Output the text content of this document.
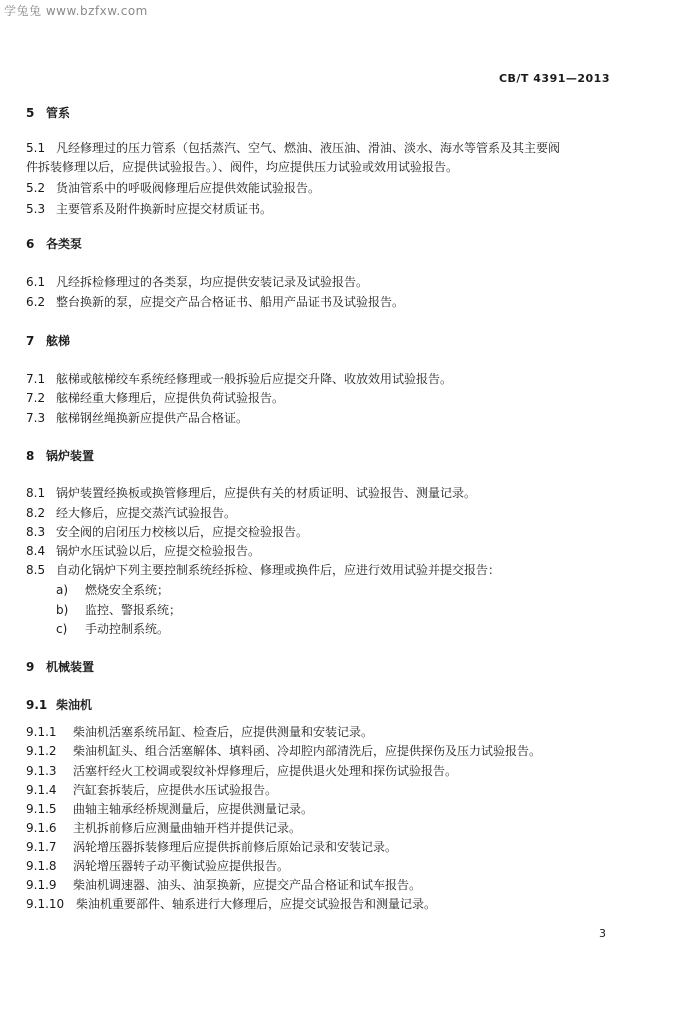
学兔兔 www.bzfxw.com
CB/T 4391—2013
5 管系
5.1 凡经修理过的压力管系（包括蒸汽、空气、燃油、液压油、滑油、淡水、海水等管系及其主要阀
件拆装修理以后，应提供试验报告。）、阀件，均应提供压力试验或效用试验报告。
5.2 货油管系中的呼吸阀修理后应提供效能试验报告。
5.3 主要管系及附件换新时应提交材质证书。
6 各类泵
6.1 凡经拆检修理过的各类泵，均应提供安装记录及试验报告。
6.2 整台换新的泵，应提交产品合格证书、船用产品证书及试验报告。
7 舷梯
7.1 舷梯或舷梯绞车系统经修理或一般拆验后应提交升降、收放效用试验报告。
7.2 舷梯经重大修理后，应提供负荷试验报告。
7.3 舷梯钢丝绳换新应提供产品合格证。
8 锅炉装置
8.1 锅炉装置经换板或换管修理后，应提供有关的材质证明、试验报告、测量记录。
8.2 经大修后，应提交蒸汽试验报告。
8.3 安全阀的启闭压力校核以后，应提交检验报告。
8.4 锅炉水压试验以后，应提交检验报告。
8.5 自动化锅炉下列主要控制系统经拆检、修理或换件后，应进行效用试验并提交报告：
a) 燃烧安全系统；
b) 监控、警报系统；
c) 手动控制系统。
9 机械装置
9.1 柴油机
9.1.1 柴油机活塞系统吊缸、检查后，应提供测量和安装记录。
9.1.2 柴油机缸头、组合活塞解体、填料函、冷却腔内部清洗后，应提供探伤及压力试验报告。
9.1.3 活塞杆经火工校调或裂纹补焊修理后，应提供退火处理和探伤试验报告。
9.1.4 汽缸套拆装后，应提供水压试验报告。
9.1.5 曲轴主轴承经桥规测量后，应提供测量记录。
9.1.6 主机拆前修后应测量曲轴开档并提供记录。
9.1.7 涡轮增压器拆装修理后应提供拆前修后原始记录和安装记录。
9.1.8 涡轮增压器转子动平衡试验应提供报告。
9.1.9 柴油机调速器、油头、油泵换新，应提交产品合格证和试车报告。
9.1.10 柴油机重要部件、轴系进行大修理后，应提交试验报告和测量记录。
3
